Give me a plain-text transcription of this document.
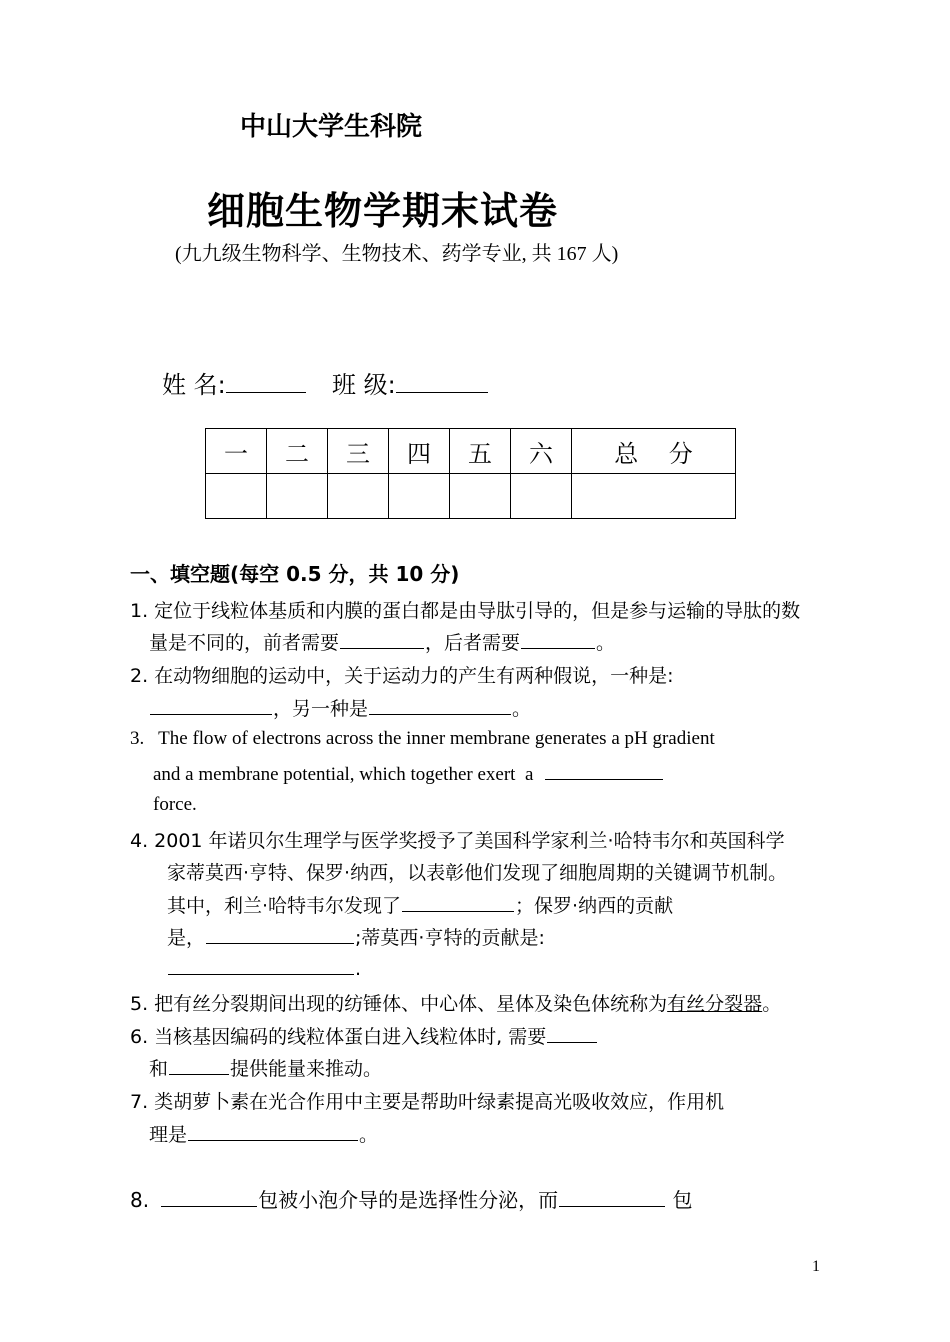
中山大学生科院
细胞生物学期末试卷
(九九级生物科学、生物技术、药学专业, 共 167 人)
姓 名:	班 级:
一	二	三	四	五	六	总    分

一、填空题(每空 0.5 分，共 10 分)
1. 定位于线粒体基质和内膜的蛋白都是由导肽引导的，但是参与运输的导肽的数
量是不同的，前者需要	，后者需要	。
2. 在动物细胞的运动中，关于运动力的产生有两种假说，一种是:
，另一种是	。
3.   The flow of electrons across the inner membrane generates a pH gradient
and a membrane potential, which together exert  a
force.
4. 2001 年诺贝尔生理学与医学奖授予了美国科学家利兰·哈特韦尔和英国科学
家蒂莫西·亨特、保罗·纳西，以表彰他们发现了细胞周期的关键调节机制。
其中，利兰·哈特韦尔发现了	；保罗·纳西的贡献
是，	;蒂莫西·亨特的贡献是:
.
5. 把有丝分裂期间出现的纺锤体、中心体、星体及染色体统称为有丝分裂器。
6. 当核基因编码的线粒体蛋白进入线粒体时, 需要
和	提供能量来推动。
7. 类胡萝卜素在光合作用中主要是帮助叶绿素提高光吸收效应，作用机
理是	。
8.	包被小泡介导的是选择性分泌，而	包
1
